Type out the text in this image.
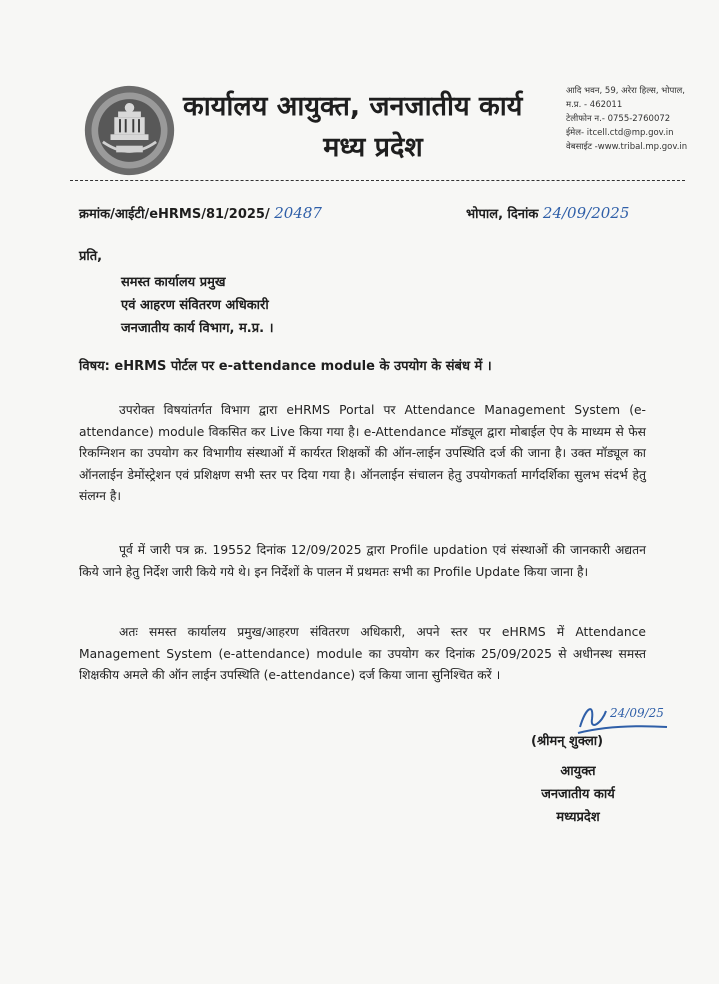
कार्यालय आयुक्त, जनजातीय कार्य
मध्य प्रदेश
आदि भवन, 59, अरेरा हिल्स, भोपाल,
म.प्र. - 462011
टेलीफोन न.- 0755-2760072
ईमेल- itcell.ctd@mp.gov.in
वेबसाईट -www.tribal.mp.gov.in
क्रमांक/आईटी/eHRMS/81/2025/ 20487	भोपाल, दिनांक 24/09/2025
प्रति,
समस्त कार्यालय प्रमुख
एवं आहरण संवितरण अधिकारी
जनजातीय कार्य विभाग, म.प्र. ।
विषय: eHRMS पोर्टल पर e-attendance module के उपयोग के संबंध में ।
उपरोक्त विषयांतर्गत विभाग द्वारा eHRMS Portal पर Attendance Management System (e-attendance) module विकसित कर Live किया गया है। e-Attendance मॉड्यूल द्वारा मोबाईल ऐप के माध्यम से फेस रिकग्निशन का उपयोग कर विभागीय संस्थाओं में कार्यरत शिक्षकों की ऑन-लाईन उपस्थिति दर्ज की जाना है। उक्त मॉड्यूल का ऑनलाईन डेमोंस्ट्रेशन एवं प्रशिक्षण सभी स्तर पर दिया गया है। ऑनलाईन संचालन हेतु उपयोगकर्ता मार्गदर्शिका सुलभ संदर्भ हेतु संलग्न है।
पूर्व में जारी पत्र क्र. 19552 दिनांक 12/09/2025 द्वारा Profile updation एवं संस्थाओं की जानकारी अद्यतन किये जाने हेतु निर्देश जारी किये गये थे। इन निर्देशों के पालन में प्रथमतः सभी का Profile Update किया जाना है।
अतः समस्त कार्यालय प्रमुख/आहरण संवितरण अधिकारी, अपने स्तर पर eHRMS में Attendance Management System (e-attendance) module का उपयोग कर दिनांक 25/09/2025 से अधीनस्थ समस्त शिक्षकीय अमले की ऑन लाईन उपस्थिति (e-attendance) दर्ज किया जाना सुनिश्चित करें ।
24/09/25
(श्रीमन् शुक्ला)
आयुक्त
जनजातीय कार्य
मध्यप्रदेश
